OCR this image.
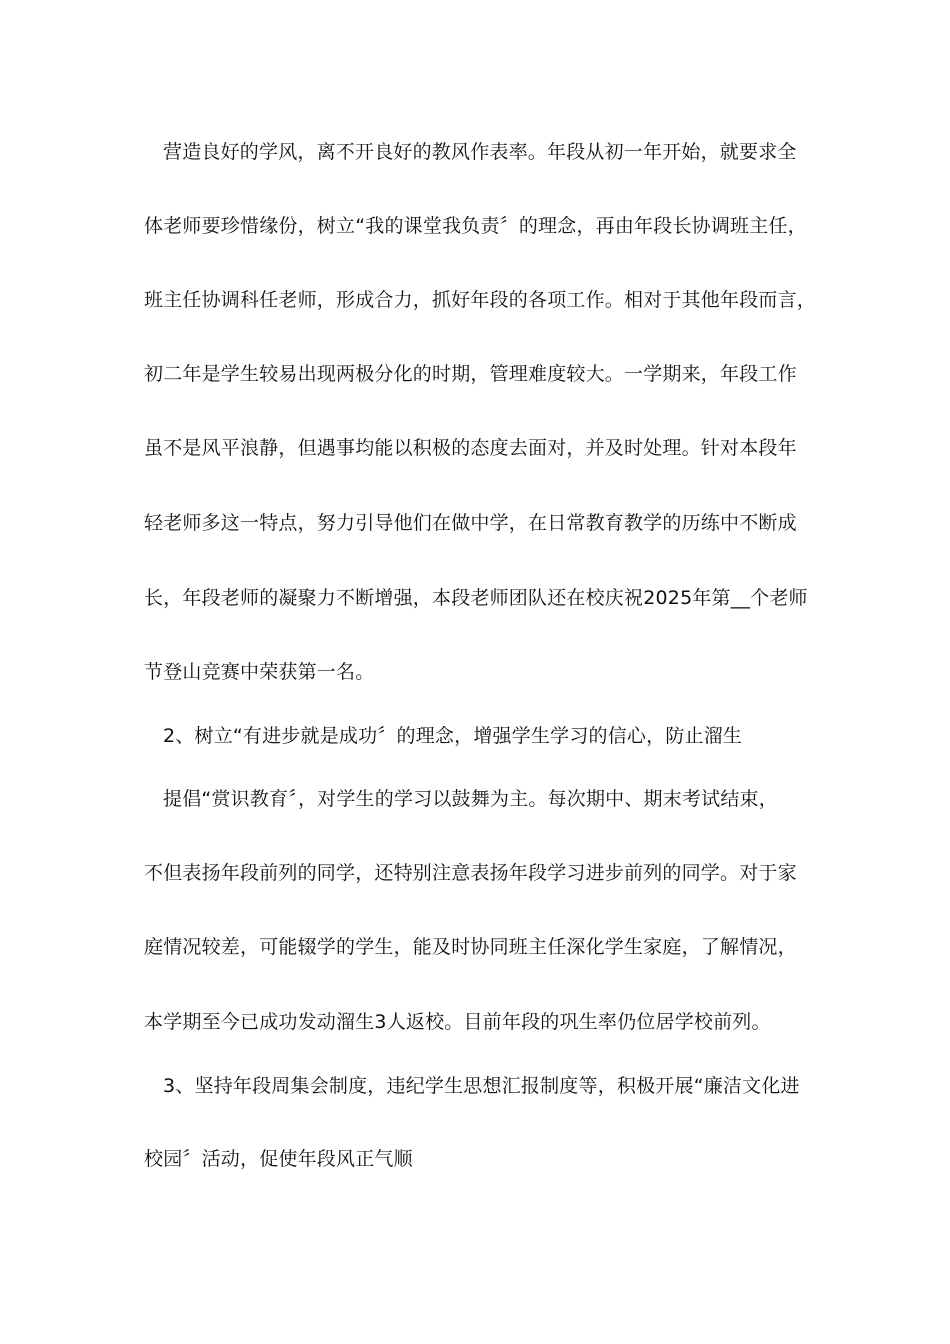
营造良好的学风，离不开良好的教风作表率。年段从初一年开始，就要求全
体老师要珍惜缘份，树立“我的课堂我负责〞的理念，再由年段长协调班主任，
班主任协调科任老师，形成合力，抓好年段的各项工作。相对于其他年段而言，
初二年是学生较易出现两极分化的时期，管理难度较大。一学期来，年段工作
虽不是风平浪静，但遇事均能以积极的态度去面对，并及时处理。针对本段年
轻老师多这一特点，努力引导他们在做中学，在日常教育教学的历练中不断成
长，年段老师的凝聚力不断增强，本段老师团队还在校庆祝2025年第__个老师
节登山竞赛中荣获第一名。
2、树立“有进步就是成功〞的理念，增强学生学习的信心，防止溜生
提倡“赏识教育〞，对学生的学习以鼓舞为主。每次期中、期末考试结束，
不但表扬年段前列的同学，还特别注意表扬年段学习进步前列的同学。对于家
庭情况较差，可能辍学的学生，能及时协同班主任深化学生家庭，了解情况，
本学期至今已成功发动溜生3人返校。目前年段的巩生率仍位居学校前列。
3、坚持年段周集会制度，违纪学生思想汇报制度等，积极开展“廉洁文化进
校园〞活动，促使年段风正气顺
